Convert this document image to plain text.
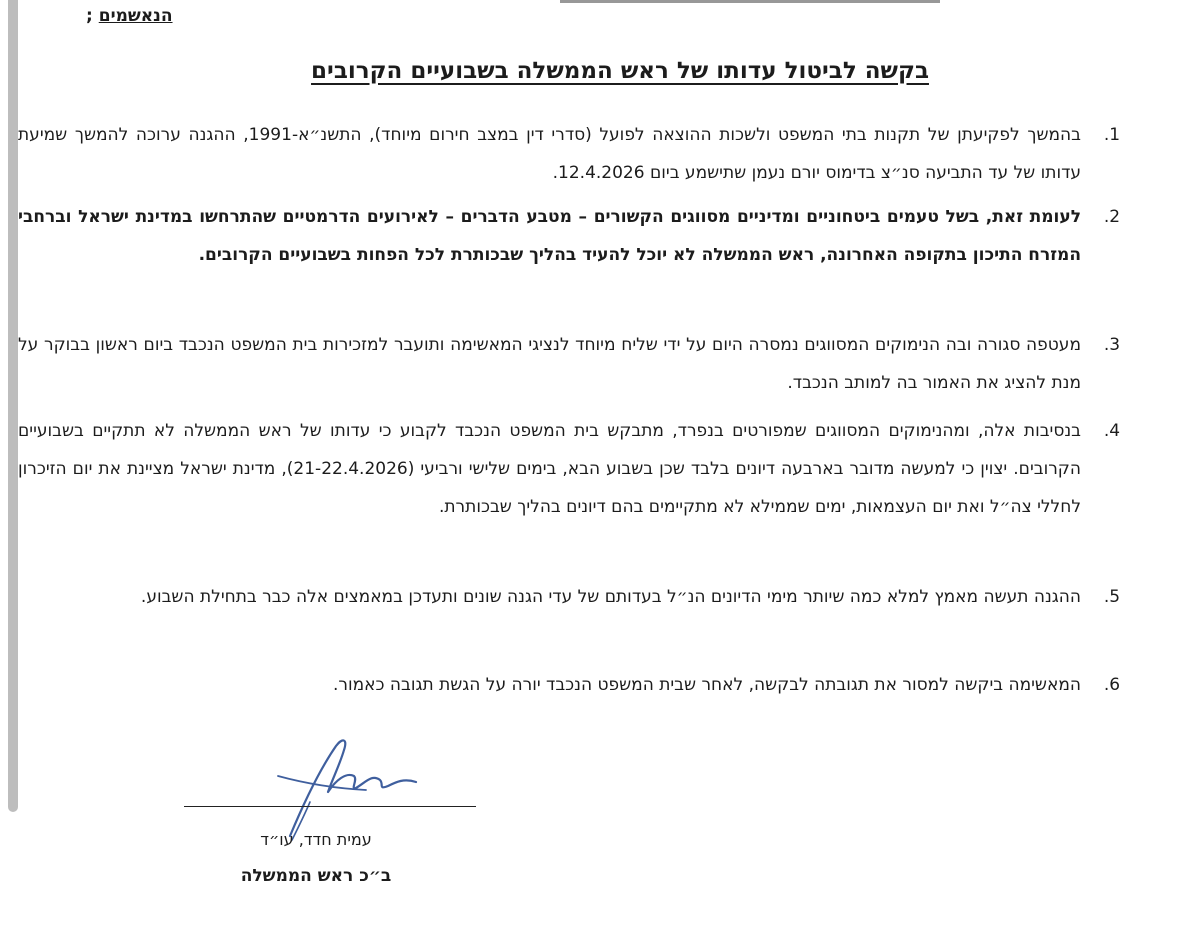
הנאשמים ;
בקשה לביטול עדותו של ראש הממשלה בשבועיים הקרובים
1.
בהמשך לפקיעתן של תקנות בתי המשפט ולשכות ההוצאה לפועל (סדרי דין במצב חירום מיוחד), התשנ״א-1991, ההגנה ערוכה להמשך שמיעת עדותו של עד התביעה סנ״צ בדימוס יורם נעמן שתישמע ביום 12.4.2026.
2.
לעומת זאת, בשל טעמים ביטחוניים ומדיניים מסווגים הקשורים – מטבע הדברים – לאירועים הדרמטיים שהתרחשו במדינת ישראל וברחבי המזרח התיכון בתקופה האחרונה, ראש הממשלה לא יוכל להעיד בהליך שבכותרת לכל הפחות בשבועיים הקרובים.
3.
מעטפה סגורה ובה הנימוקים המסווגים נמסרה היום על ידי שליח מיוחד לנציגי המאשימה ותועבר למזכירות בית המשפט הנכבד ביום ראשון בבוקר על מנת להציג את האמור בה למותב הנכבד.
4.
בנסיבות אלה, ומהנימוקים המסווגים שמפורטים בנפרד, מתבקש בית המשפט הנכבד לקבוע כי עדותו של ראש הממשלה לא תתקיים בשבועיים הקרובים. יצוין כי למעשה מדובר בארבעה דיונים בלבד שכן בשבוע הבא, בימים שלישי ורביעי (21-22.4.2026), מדינת ישראל מציינת את יום הזיכרון לחללי צה״ל ואת יום העצמאות, ימים שממילא לא מתקיימים בהם דיונים בהליך שבכותרת.
5.
ההגנה תעשה מאמץ למלא כמה שיותר מימי הדיונים הנ״ל בעדותם של עדי הגנה שונים ותעדכן במאמצים אלה כבר בתחילת השבוע.
6.
המאשימה ביקשה למסור את תגובתה לבקשה, לאחר שבית המשפט הנכבד יורה על הגשת תגובה כאמור.
עמית חדד, עו״ד
ב״כ ראש הממשלה
